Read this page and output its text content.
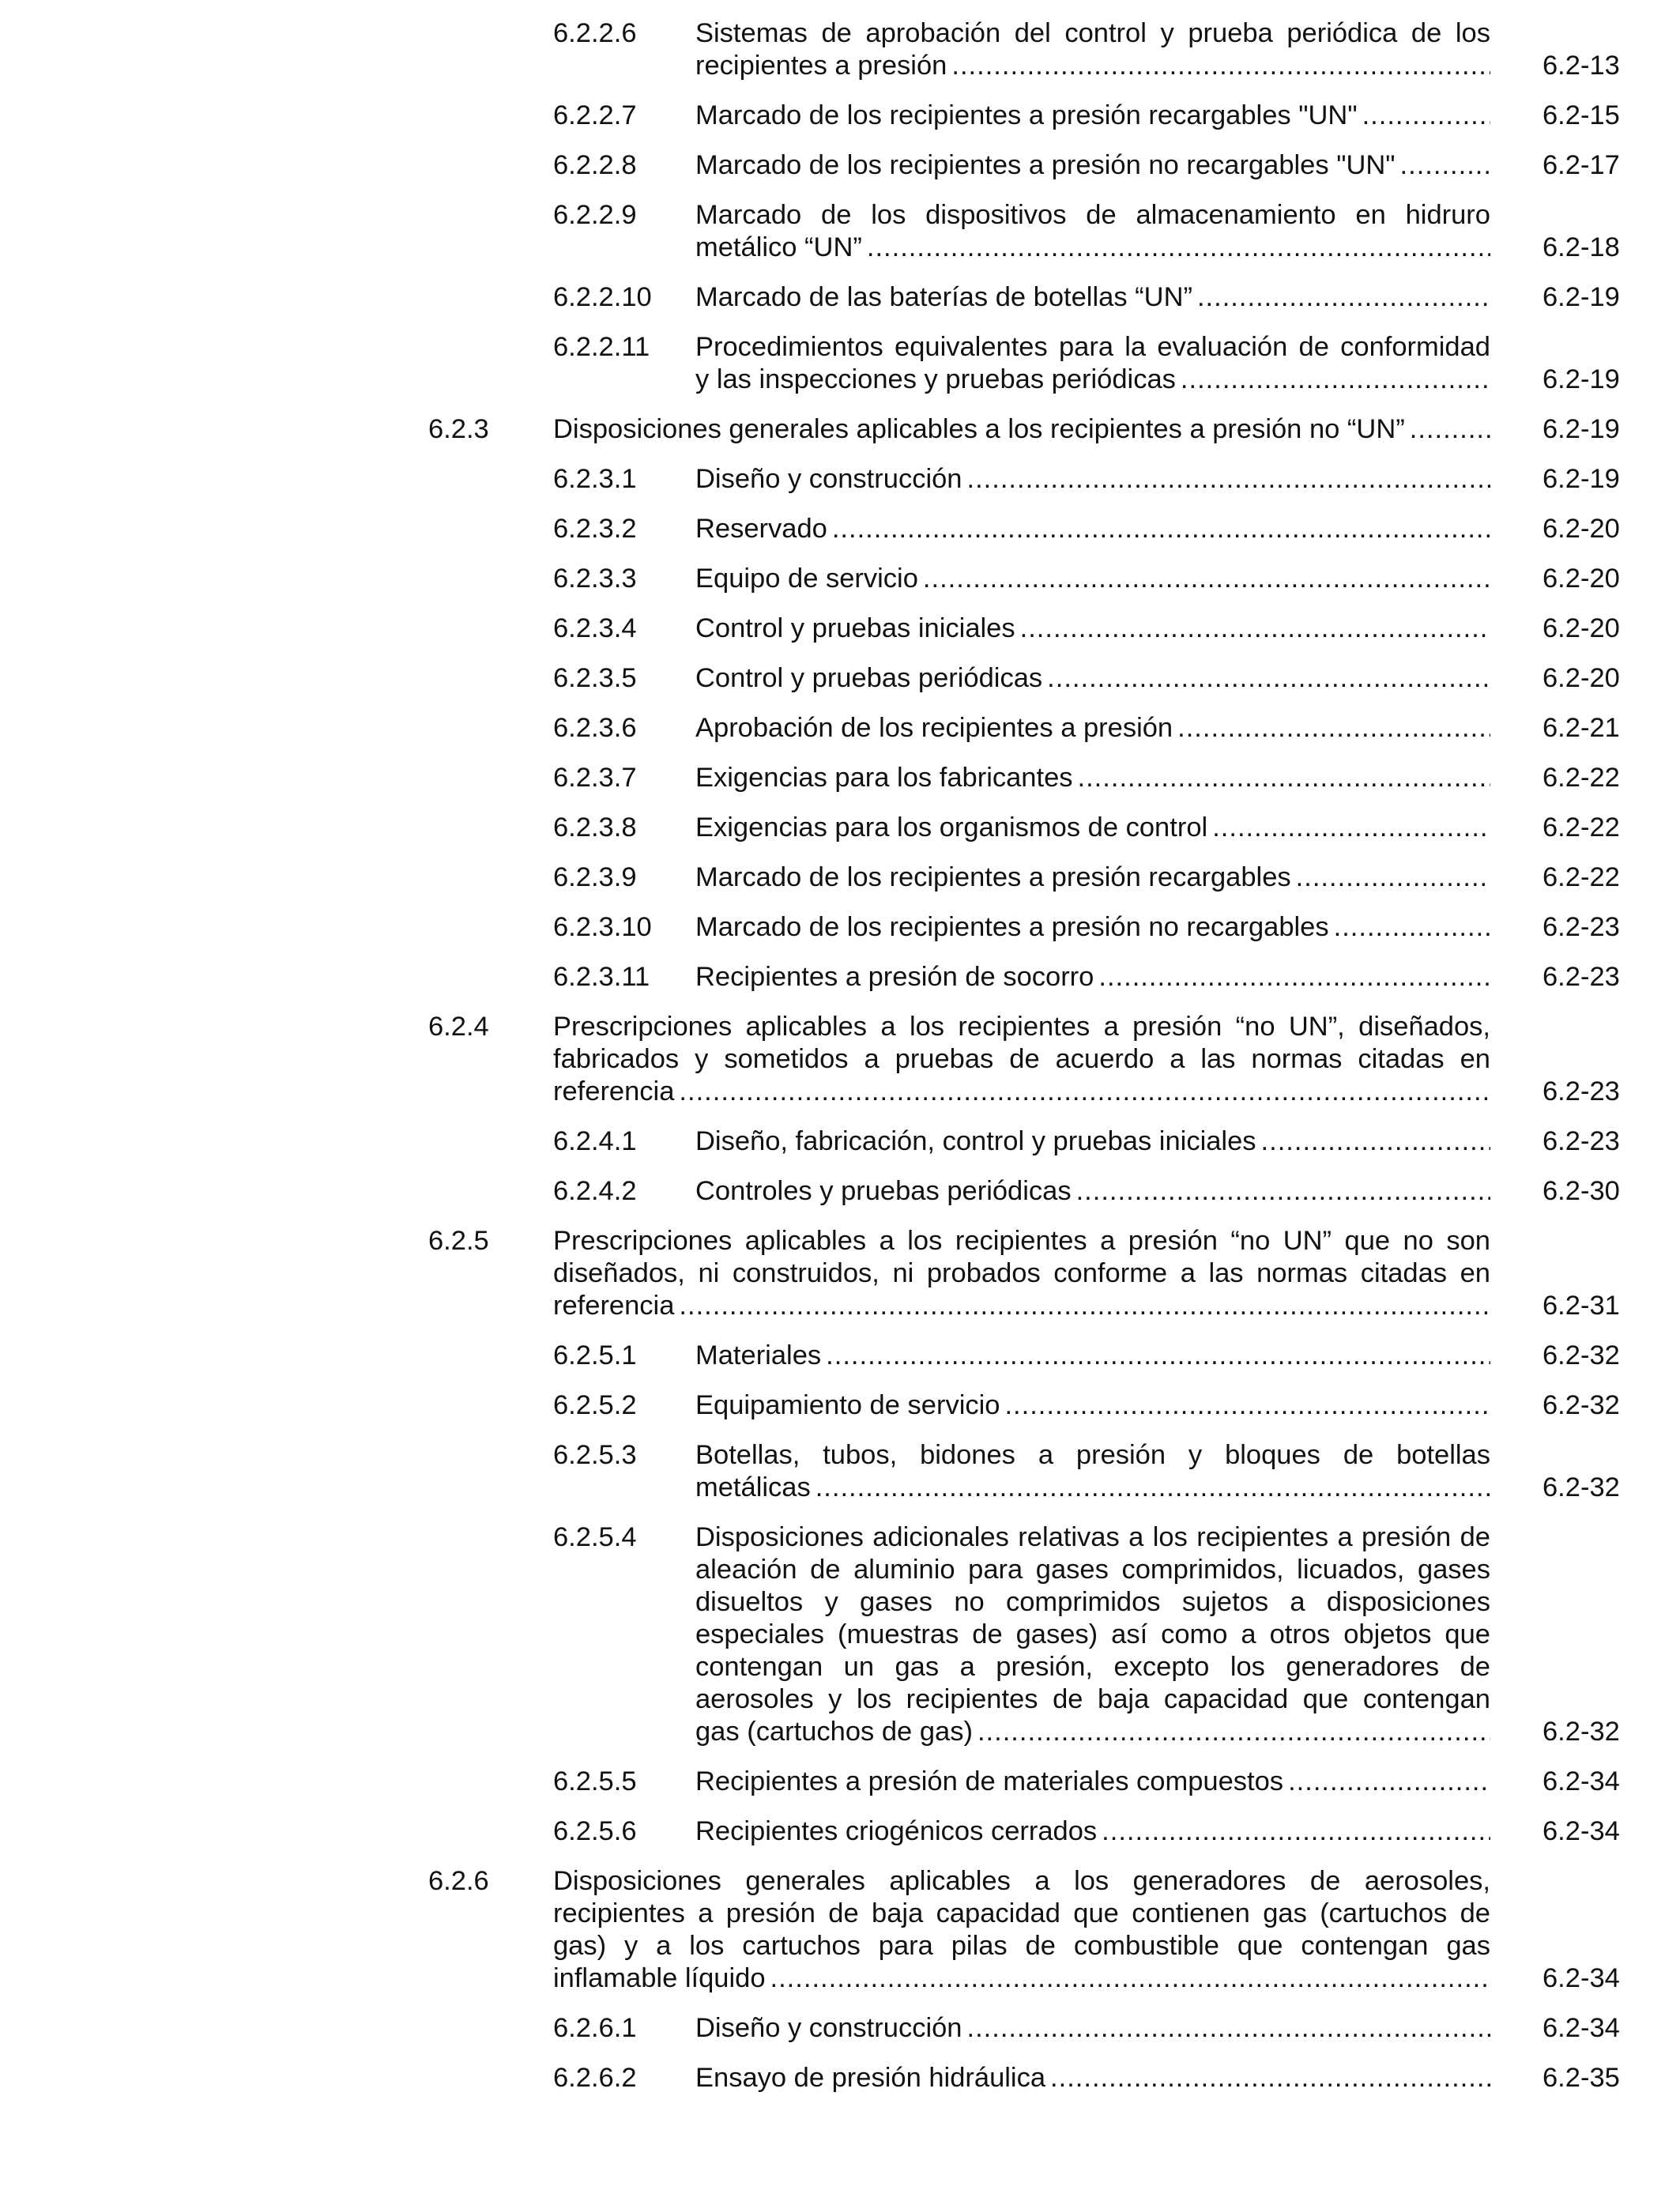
6.2.2.6 Sistemas de aprobación del control y prueba periódica de los
recipientes a presión .....	6.2-13
6.2.2.7 Marcado de los recipientes a presión recargables "UN" .....	6.2-15
6.2.2.8 Marcado de los recipientes a presión no recargables "UN" .....	6.2-17
6.2.2.9 Marcado de los dispositivos de almacenamiento en hidruro
metálico “UN” .....	6.2-18
6.2.2.10 Marcado de las baterías de botellas “UN” .....	6.2-19
6.2.2.11 Procedimientos equivalentes para la evaluación de conformidad
y las inspecciones y pruebas periódicas .....	6.2-19
6.2.3 Disposiciones generales aplicables a los recipientes a presión no “UN” .....	6.2-19
6.2.3.1 Diseño y construcción .....	6.2-19
6.2.3.2 Reservado .....	6.2-20
6.2.3.3 Equipo de servicio .....	6.2-20
6.2.3.4 Control y pruebas iniciales .....	6.2-20
6.2.3.5 Control y pruebas periódicas .....	6.2-20
6.2.3.6 Aprobación de los recipientes a presión .....	6.2-21
6.2.3.7 Exigencias para los fabricantes .....	6.2-22
6.2.3.8 Exigencias para los organismos de control .....	6.2-22
6.2.3.9 Marcado de los recipientes a presión recargables .....	6.2-22
6.2.3.10 Marcado de los recipientes a presión no recargables .....	6.2-23
6.2.3.11 Recipientes a presión de socorro .....	6.2-23
6.2.4 Prescripciones aplicables a los recipientes a presión “no UN”, diseñados, fabricados y sometidos a pruebas de acuerdo a las normas citadas en
referencia .....	6.2-23
6.2.4.1 Diseño, fabricación, control y pruebas iniciales .....	6.2-23
6.2.4.2 Controles y pruebas periódicas .....	6.2-30
6.2.5 Prescripciones aplicables a los recipientes a presión “no UN” que no son diseñados, ni construidos, ni probados conforme a las normas citadas en
referencia .....	6.2-31
6.2.5.1 Materiales .....	6.2-32
6.2.5.2 Equipamiento de servicio .....	6.2-32
6.2.5.3 Botellas, tubos, bidones a presión y bloques de botellas
metálicas .....	6.2-32
6.2.5.4 Disposiciones adicionales relativas a los recipientes a presión de aleación de aluminio para gases comprimidos, licuados, gases disueltos y gases no comprimidos sujetos a disposiciones especiales (muestras de gases) así como a otros objetos que contengan un gas a presión, excepto los generadores de aerosoles y los recipientes de baja capacidad que contengan
gas (cartuchos de gas) .....	6.2-32
6.2.5.5 Recipientes a presión de materiales compuestos .....	6.2-34
6.2.5.6 Recipientes criogénicos cerrados .....	6.2-34
6.2.6 Disposiciones generales aplicables a los generadores de aerosoles, recipientes a presión de baja capacidad que contienen gas (cartuchos de gas) y a los cartuchos para pilas de combustible que contengan gas
inflamable líquido .....	6.2-34
6.2.6.1 Diseño y construcción .....	6.2-34
6.2.6.2 Ensayo de presión hidráulica .....	6.2-35
